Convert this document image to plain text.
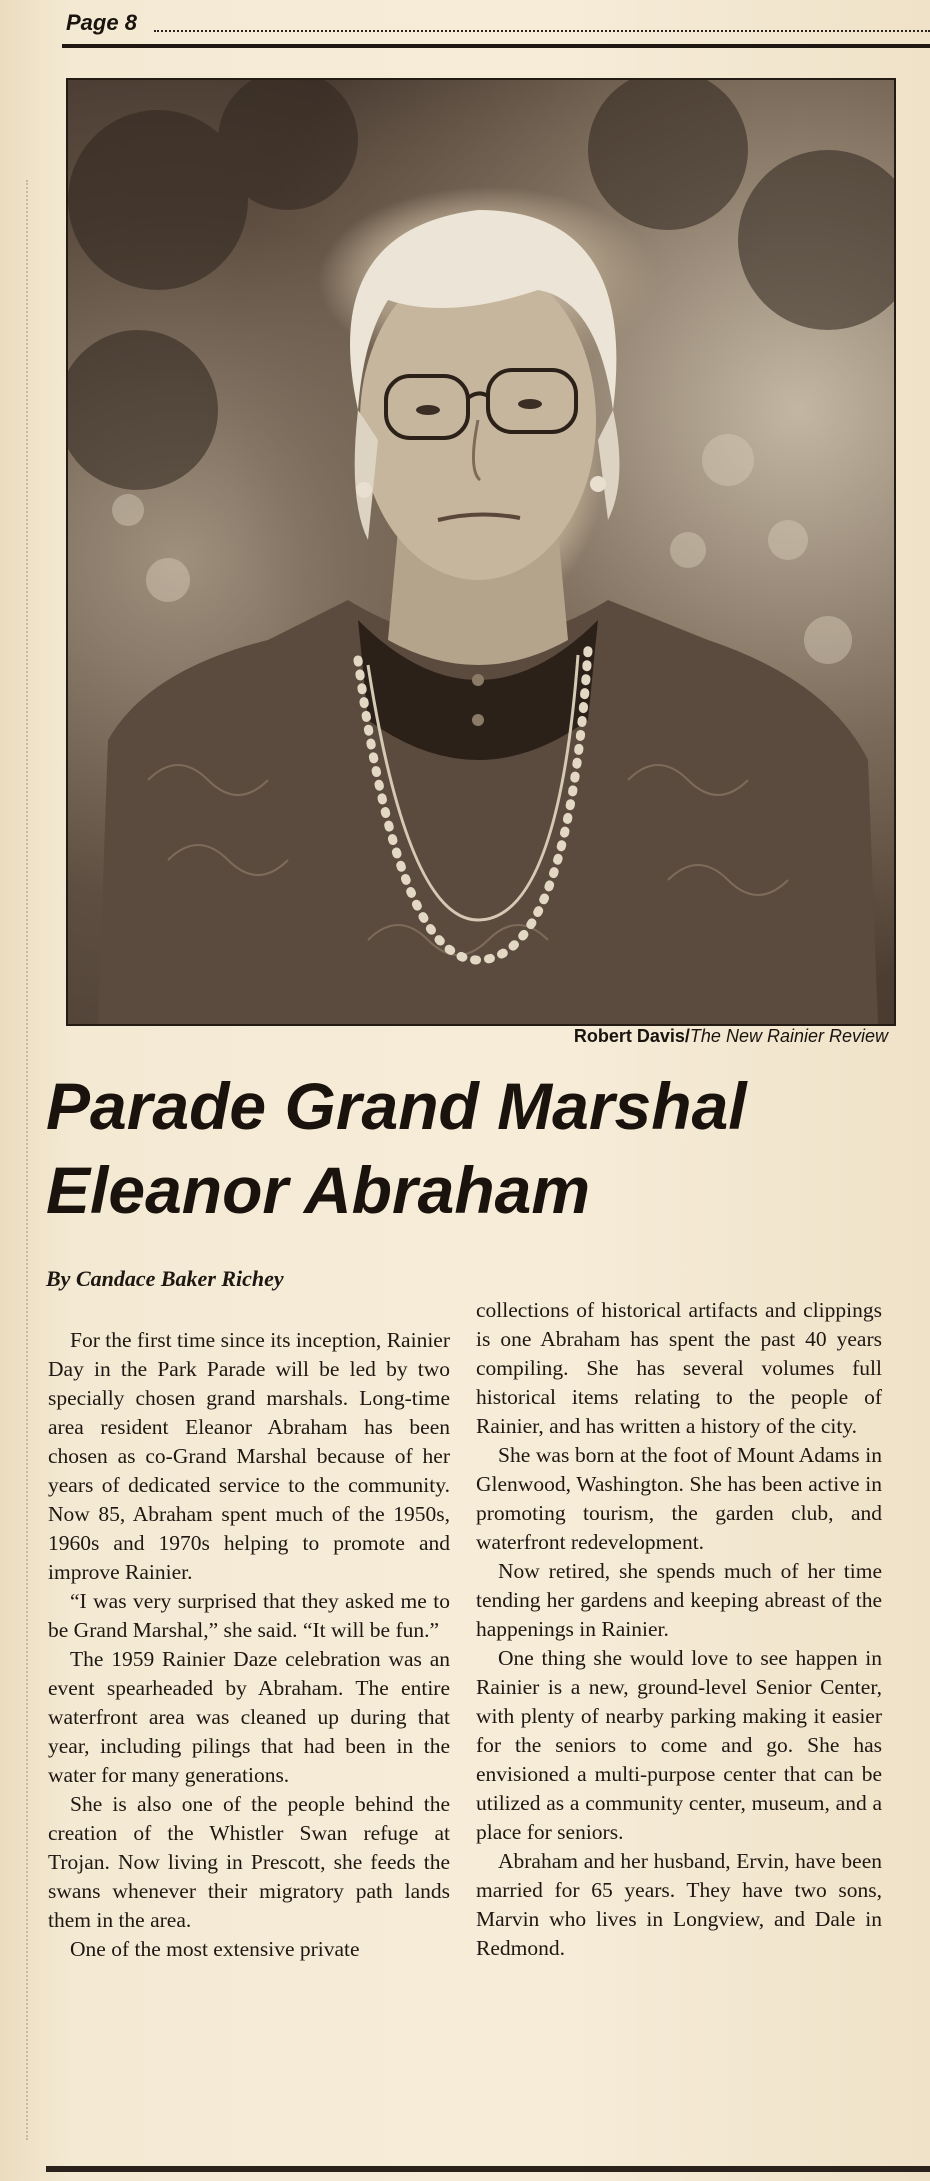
Page 8
Robert Davis/The New Rainier Review
Parade Grand Marshal
Eleanor Abraham
By Candace Baker Richey

For the first time since its inception, Rainier Day in the Park Parade will be led by two specially chosen grand marshals. Long-time area resident Eleanor Abraham has been chosen as co-Grand Marshal because of her years of dedicated service to the community. Now 85, Abraham spent much of the 1950s, 1960s and 1970s helping to promote and improve Rainier.

“I was very surprised that they asked me to be Grand Marshal,” she said. “It will be fun.”

The 1959 Rainier Daze celebration was an event spearheaded by Abraham. The entire waterfront area was cleaned up during that year, including pilings that had been in the water for many generations.

She is also one of the people behind the creation of the Whistler Swan refuge at Trojan. Now living in Prescott, she feeds the swans whenever their migratory path lands them in the area.

One of the most extensive private

collections of historical artifacts and clippings is one Abraham has spent the past 40 years compiling. She has several volumes full historical items relating to the people of Rainier, and has written a history of the city.

She was born at the foot of Mount Adams in Glenwood, Washington. She has been active in promoting tourism, the garden club, and waterfront redevelopment.

Now retired, she spends much of her time tending her gardens and keeping abreast of the happenings in Rainier.

One thing she would love to see happen in Rainier is a new, ground-level Senior Center, with plenty of nearby parking making it easier for the seniors to come and go. She has envisioned a multi-purpose center that can be utilized as a community center, museum, and a place for seniors.

Abraham and her husband, Ervin, have been married for 65 years. They have two sons, Marvin who lives in Longview, and Dale in Redmond.
